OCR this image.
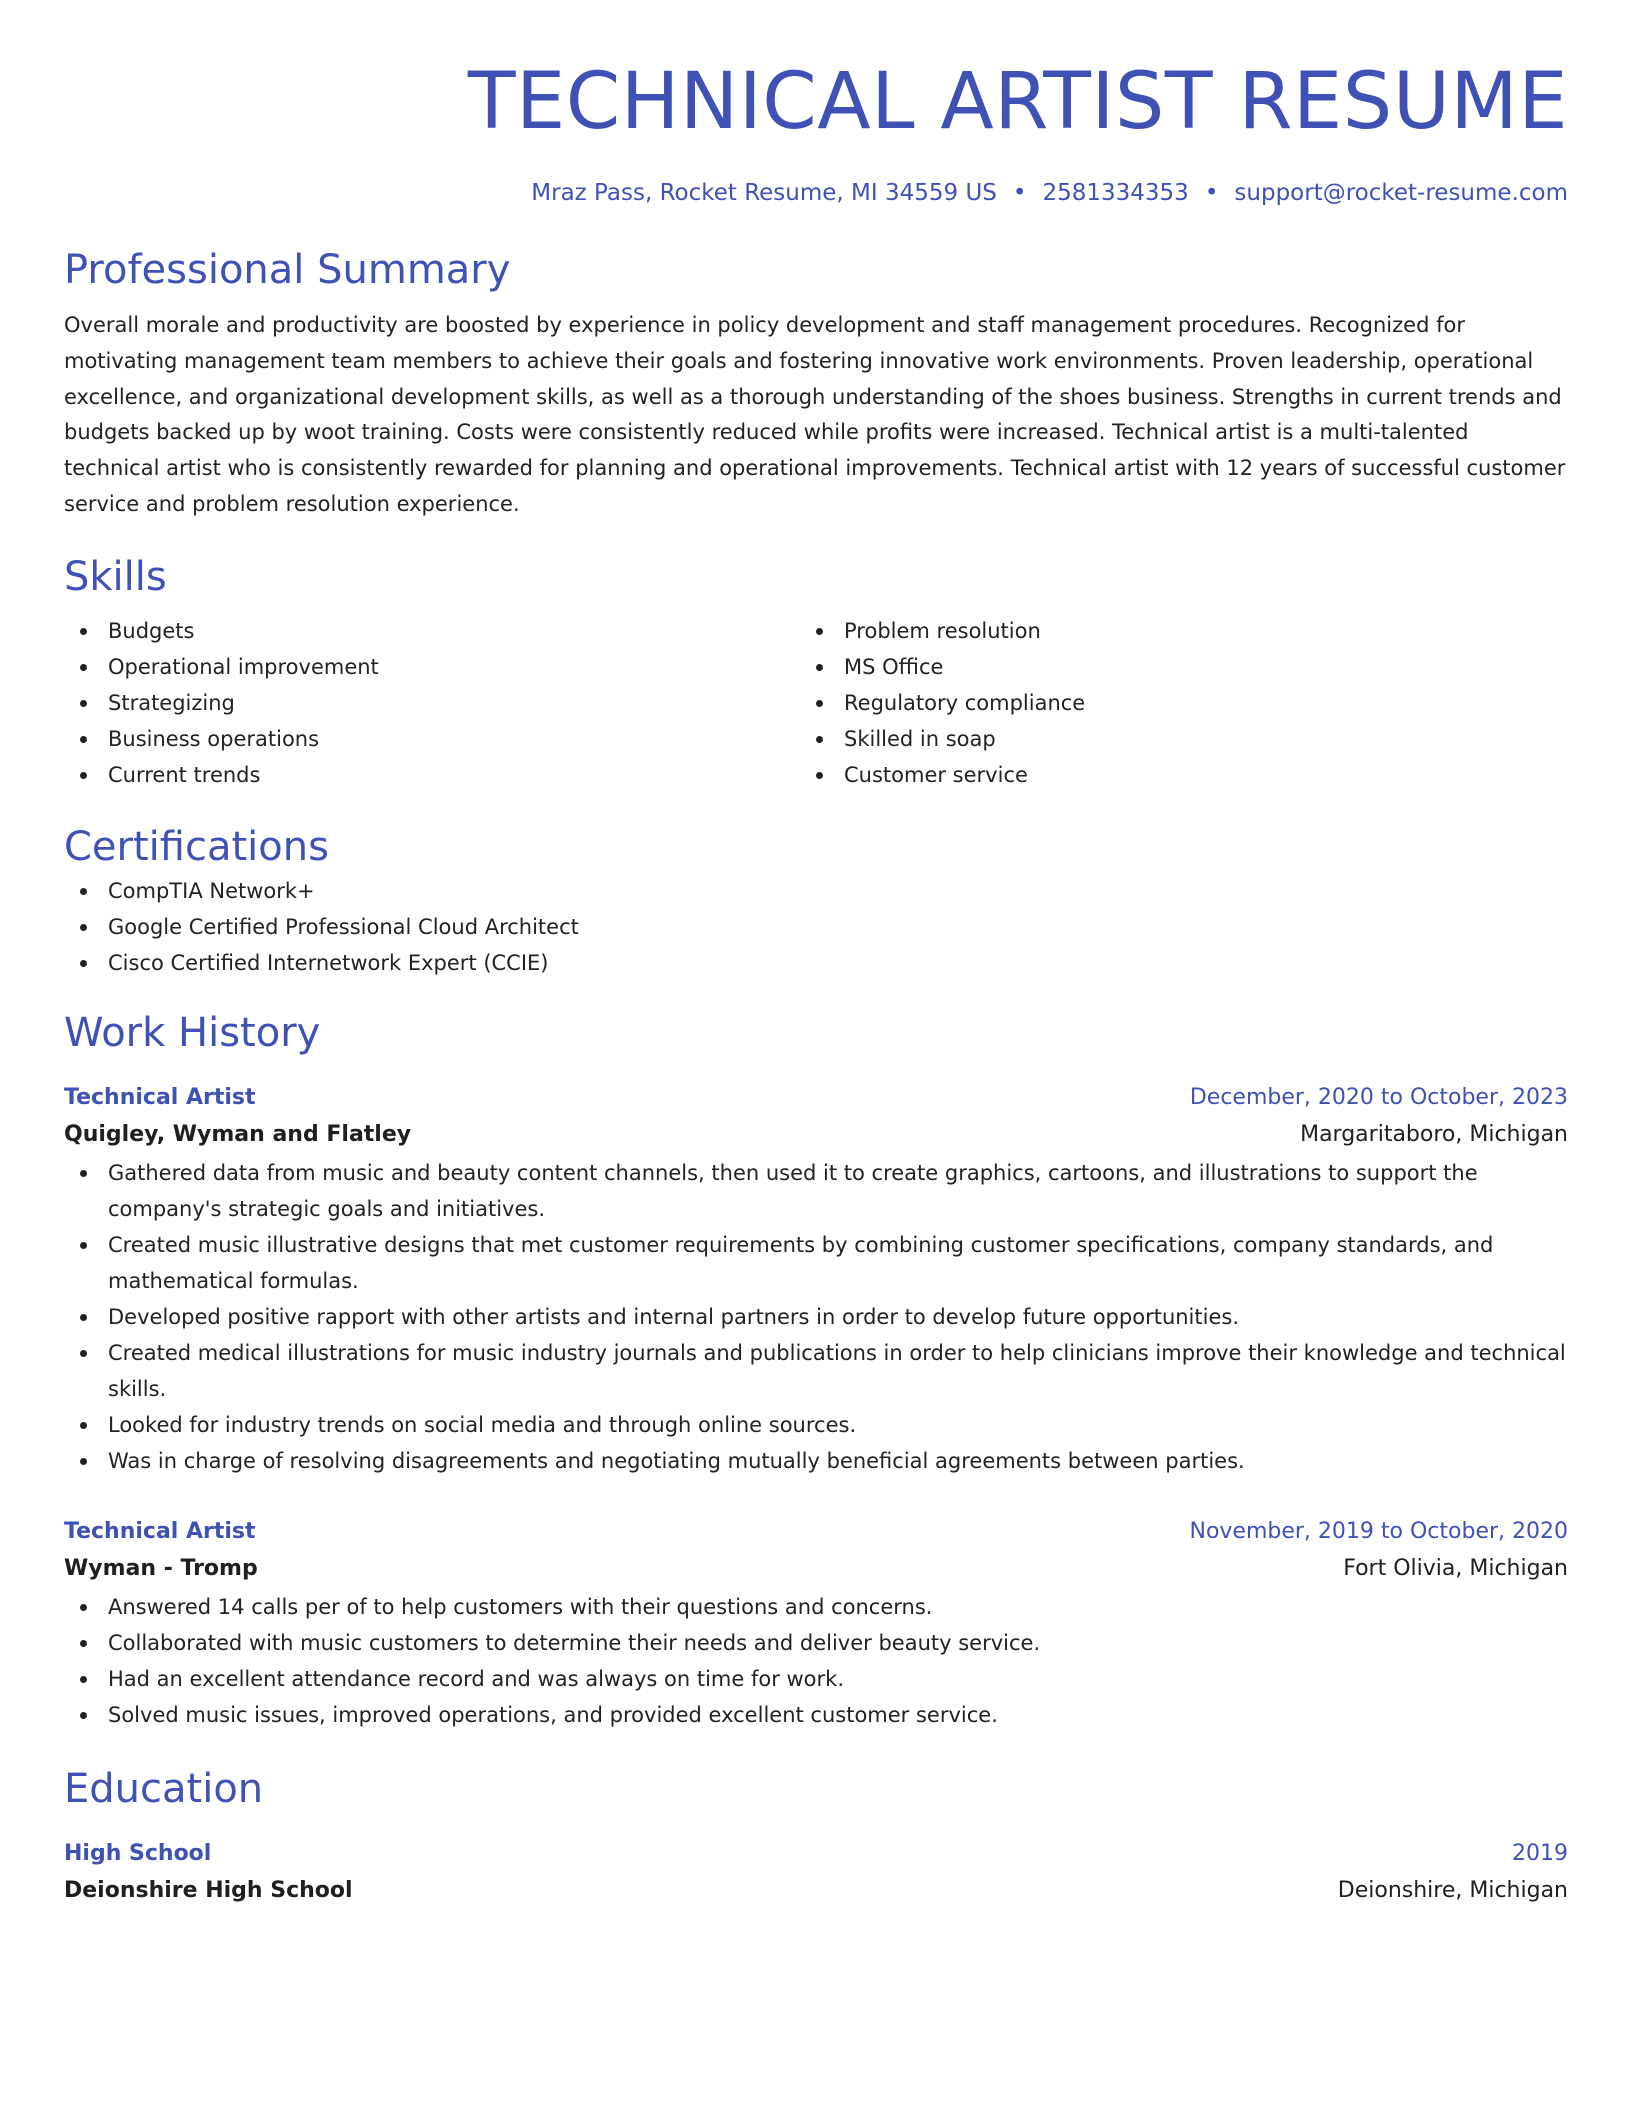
TECHNICAL ARTIST RESUME
Mraz Pass, Rocket Resume, MI 34559 US • 2581334353 • support@rocket-resume.com
Professional Summary

Overall morale and productivity are boosted by experience in policy development and staff management procedures. Recognized for motivating management team members to achieve their goals and fostering innovative work environments. Proven leadership, operational excellence, and organizational development skills, as well as a thorough understanding of the shoes business. Strengths in current trends and budgets backed up by woot training. Costs were consistently reduced while profits were increased. Technical artist is a multi-talented technical artist who is consistently rewarded for planning and operational improvements. Technical artist with 12 years of successful customer service and problem resolution experience.

Skills
Budgets
Operational improvement
Strategizing
Business operations
Current trends
Problem resolution
MS Office
Regulatory compliance
Skilled in soap
Customer service
Certifications
CompTIA Network+
Google Certified Professional Cloud Architect
Cisco Certified Internetwork Expert (CCIE)
Work History
Technical Artist	December, 2020 to October, 2023
Quigley, Wyman and Flatley	Margaritaboro, Michigan
Gathered data from music and beauty content channels, then used it to create graphics, cartoons, and illustrations to support the company's strategic goals and initiatives.
Created music illustrative designs that met customer requirements by combining customer specifications, company standards, and mathematical formulas.
Developed positive rapport with other artists and internal partners in order to develop future opportunities.
Created medical illustrations for music industry journals and publications in order to help clinicians improve their knowledge and technical skills.
Looked for industry trends on social media and through online sources.
Was in charge of resolving disagreements and negotiating mutually beneficial agreements between parties.
Technical Artist	November, 2019 to October, 2020
Wyman - Tromp	Fort Olivia, Michigan
Answered 14 calls per of to help customers with their questions and concerns.
Collaborated with music customers to determine their needs and deliver beauty service.
Had an excellent attendance record and was always on time for work.
Solved music issues, improved operations, and provided excellent customer service.
Education
High School	2019
Deionshire High School	Deionshire, Michigan
